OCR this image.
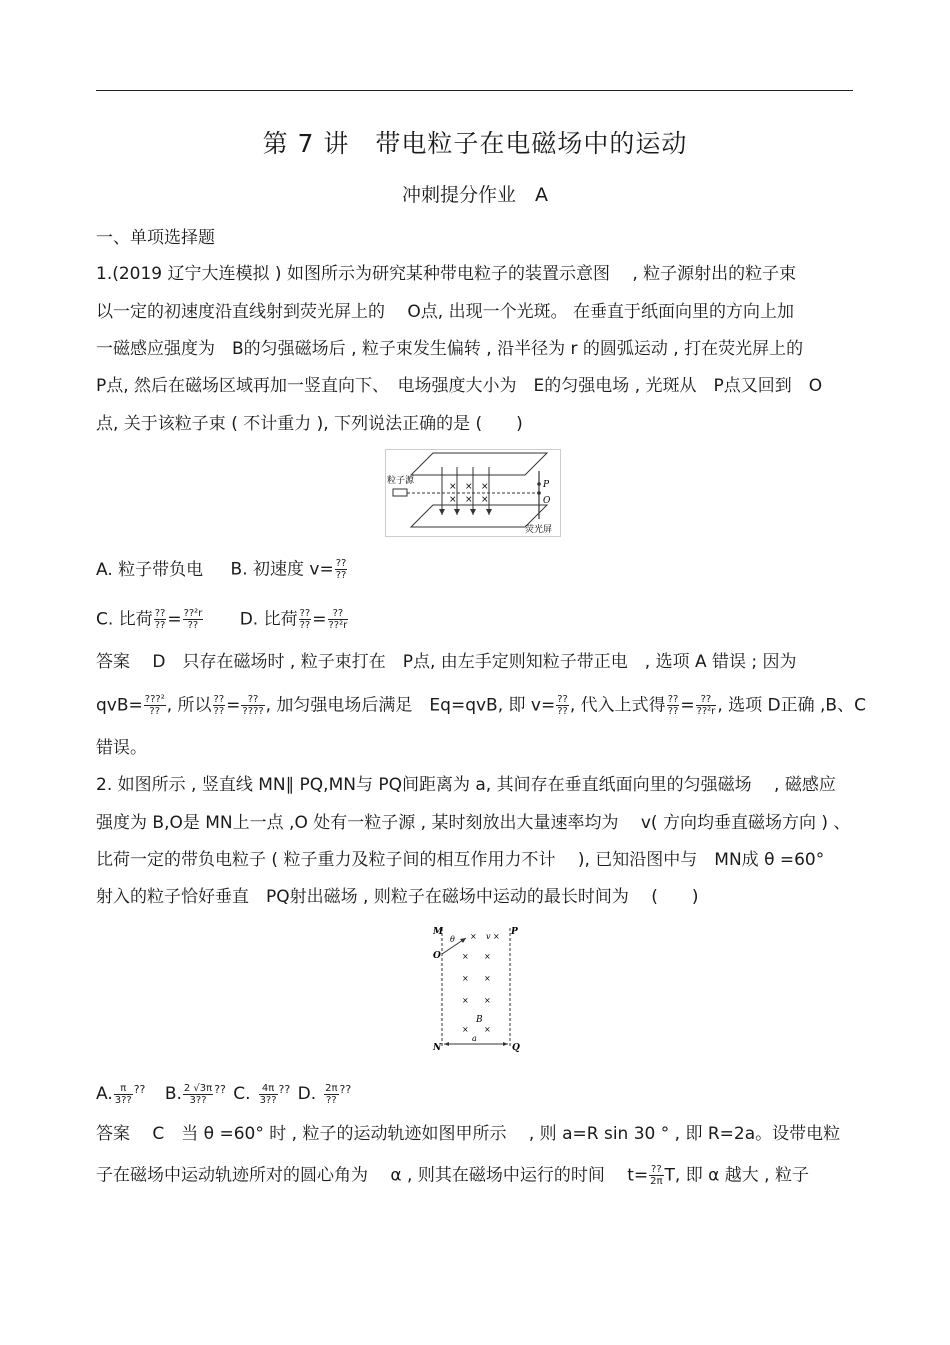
第 7 讲　带电粒子在电磁场中的运动
冲刺提分作业　A
一、单项选择题
1.(2019 辽宁大连模拟 ) 如图所示为研究某种带电粒子的装置示意图　 , 粒子源射出的粒子束
以一定的初速度沿直线射到荧光屏上的　 O点, 出现一个光斑。 在垂直于纸面向里的方向上加
一磁感应强度为　B的匀强磁场后 , 粒子束发生偏转 , 沿半径为 r 的圆弧运动 , 打在荧光屏上的
P点, 然后在磁场区域再加一竖直向下、　电场强度大小为　E的匀强电场 , 光斑从　P点又回到　O
点, 关于该粒子束 ( 不计重力 ), 下列说法正确的是 (　　)
× × ×
× × ×
粒子源	P
O
荧光屏
A. 粒子带负电 B. 初速度 $v= \frac{??}{??}$
C. 比荷 $\frac{??}{??} = \frac{\text{??²r}}{??} D$. 比荷 $\frac{??}{??} = \frac{??}{\text{??²r}}$
答案　 D　只存在磁场时 , 粒子束打在　P点, 由左手定则知粒子带正电　, 选项 A 错误 ; 因为
$qvB= \frac{\text{???²}}{??}$ , 所以 $\frac{??}{??} = \frac{??}{????}$ , 加匀强电场后满足　Eq=qvB, 即 $v= \frac{??}{??}$ , 代入上式得 $\frac{??}{??} = \frac{??}{\text{??²r}}$ , 选项 D正确 ,B、C
错误。
2. 如图所示 , 竖直线 MN∥ PQ,MN与 PQ间距离为 a, 其间存在垂直纸面向里的匀强磁场　 , 磁感应
强度为 B,O是 MN上一点 ,O 处有一粒子源 , 某时刻放出大量速率均为　 v( 方向均垂直磁场方向 ) 、
比荷一定的带负电粒子 ( 粒子重力及粒子间的相互作用力不计　 ), 已知沿图中与　MN成 θ =60°
射入的粒子恰好垂直　PQ射出磁场 , 则粒子在磁场中运动的最长时间为　 (　　)
M	P
O
N	Q
θ	v
× ×
× ×
× ×
× ×
× ×
B
a
A. $\frac{\pi}{3??} ^{??}$ B. $\frac{2 √3\pi}{3??} ^{??}$ C. $\frac{4\pi}{3??} ^{??}$ D. $\frac{2\pi}{??} ^{??}$
答案　 C　当 θ =60° 时 , 粒子的运动轨迹如图甲所示　 , 则 a=R sin 30 ° , 即 R=2a。设带电粒
子在磁场中运动轨迹所对的圆心角为　 α , 则其在磁场中运行的时间　 $t= \frac{??}{2\pi} T$, 即 α 越大 , 粒子
